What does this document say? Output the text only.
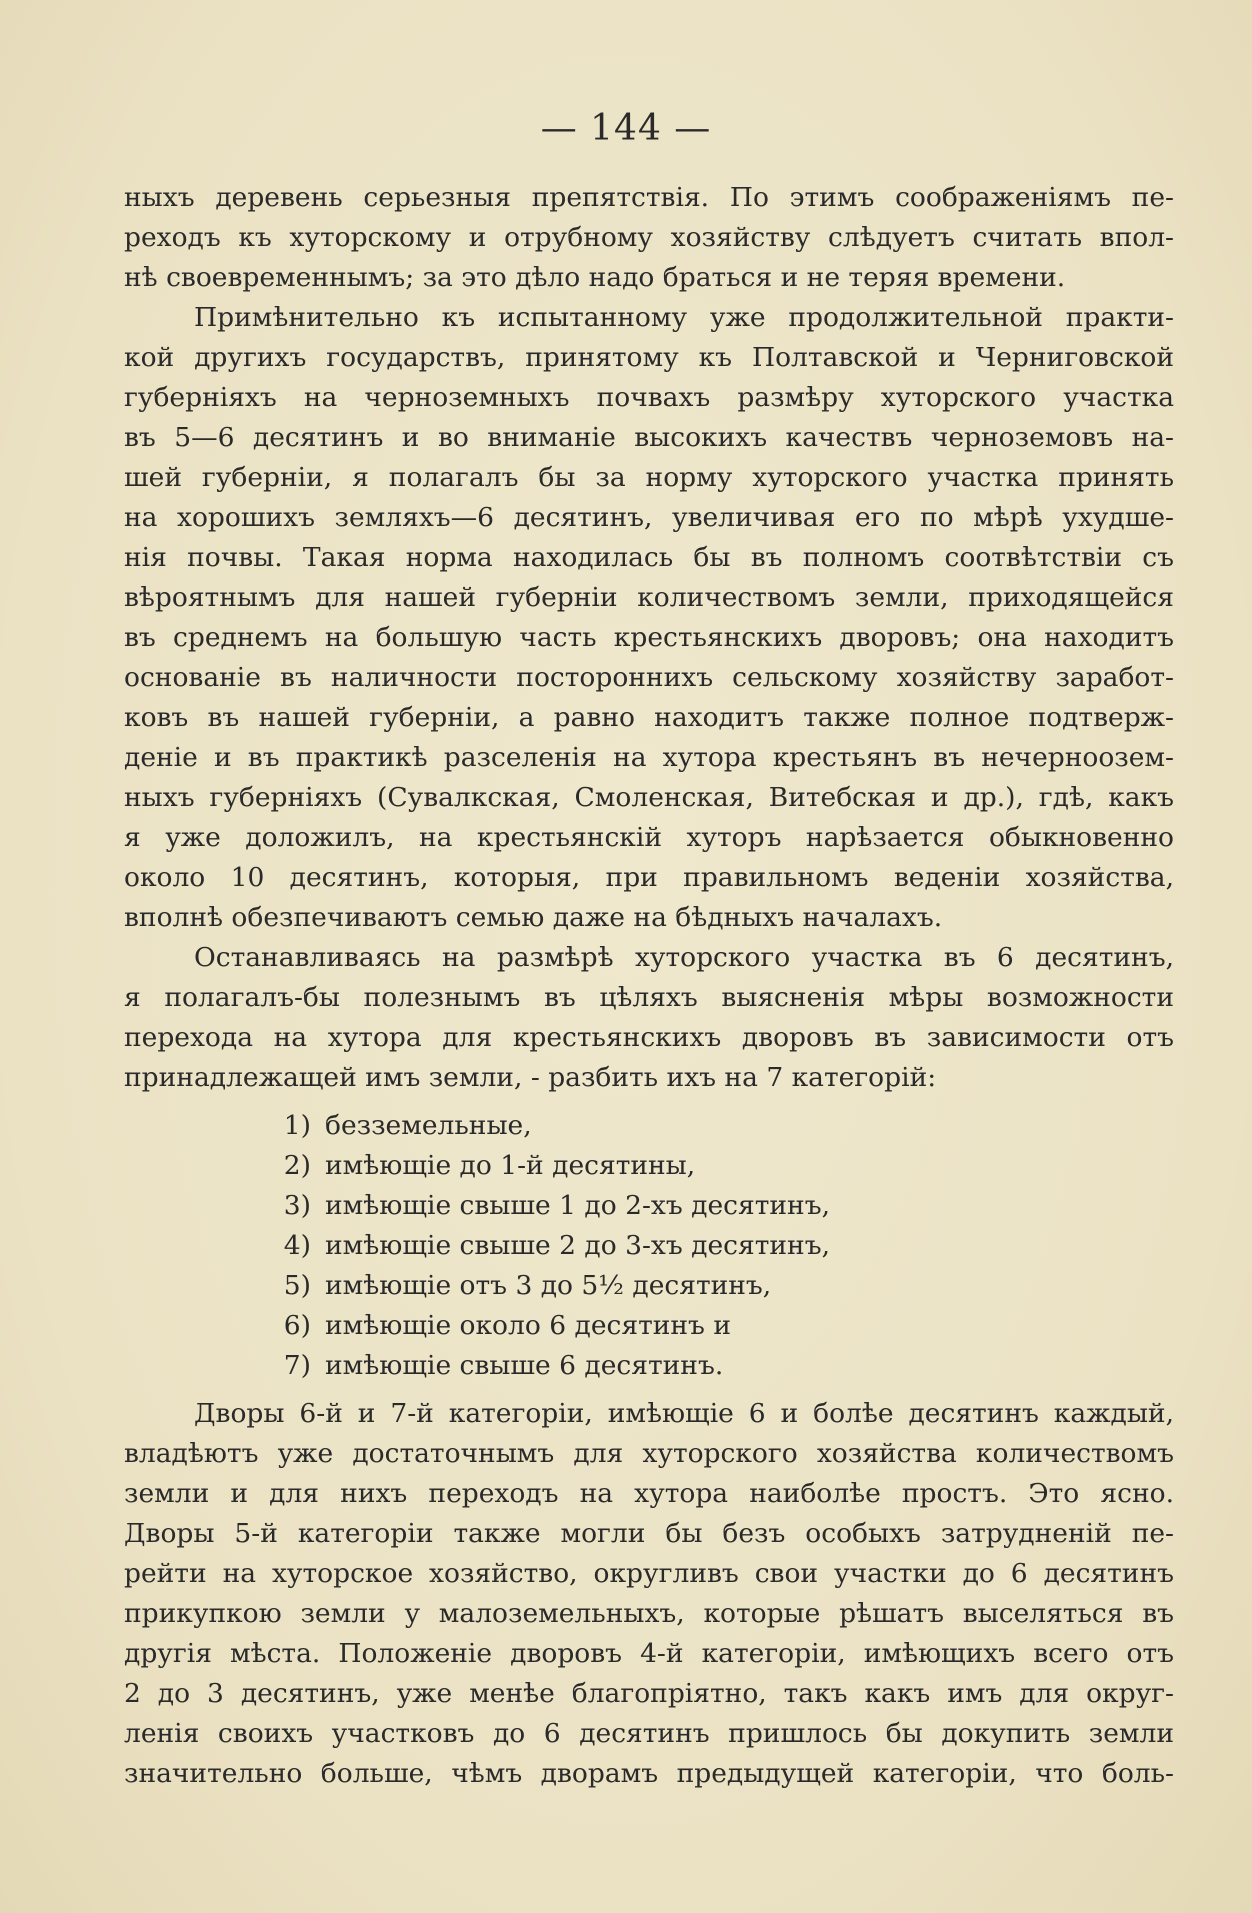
— 144 —
ныхъ деревень серьезныя препятствія. По этимъ соображеніямъ пе-
реходъ къ хуторскому и отрубному хозяйству слѣдуетъ считать впол-
нѣ своевременнымъ; за это дѣло надо браться и не теряя времени.
Примѣнительно къ испытанному уже продолжительной практи-
кой другихъ государствъ, принятому къ Полтавской и Черниговской
губерніяхъ на черноземныхъ почвахъ размѣру хуторского участка
въ 5—6 десятинъ и во вниманіе высокихъ качествъ черноземовъ на-
шей губерніи, я полагалъ бы за норму хуторского участка принять
на хорошихъ земляхъ—6 десятинъ, увеличивая его по мѣрѣ ухудше-
нія почвы. Такая норма находилась бы въ полномъ соотвѣтствіи съ
вѣроятнымъ для нашей губерніи количествомъ земли, приходящейся
въ среднемъ на большую часть крестьянскихъ дворовъ; она находитъ
основаніе въ наличности постороннихъ сельскому хозяйству заработ-
ковъ въ нашей губерніи, а равно находитъ также полное подтверж-
деніе и въ практикѣ разселенія на хутора крестьянъ въ нечерноозем-
ныхъ губерніяхъ (Сувалкская, Смоленская, Витебская и др.), гдѣ, какъ
я уже доложилъ, на крестьянскій хуторъ нарѣзается обыкновенно
около 10 десятинъ, которыя, при правильномъ веденіи хозяйства,
вполнѣ обезпечиваютъ семью даже на бѣдныхъ началахъ.
Останавливаясь на размѣрѣ хуторского участка въ 6 десятинъ,
я полагалъ-бы полезнымъ въ цѣляхъ выясненія мѣры возможности
перехода на хутора для крестьянскихъ дворовъ въ зависимости отъ
принадлежащей имъ земли, - разбить ихъ на 7 категорій:
1) безземельные,
2) имѣющіе до 1-й десятины,
3) имѣющіе свыше 1 до 2-хъ десятинъ,
4) имѣющіе свыше 2 до 3-хъ десятинъ,
5) имѣющіе отъ 3 до 5½ десятинъ,
6) имѣющіе около 6 десятинъ и
7) имѣющіе свыше 6 десятинъ.
Дворы 6-й и 7-й категоріи, имѣющіе 6 и болѣе десятинъ каждый,
владѣютъ уже достаточнымъ для хуторского хозяйства количествомъ
земли и для нихъ переходъ на хутора наиболѣе простъ. Это ясно.
Дворы 5-й категоріи также могли бы безъ особыхъ затрудненій пе-
рейти на хуторское хозяйство, округливъ свои участки до 6 десятинъ
прикупкою земли у малоземельныхъ, которые рѣшатъ выселяться въ
другія мѣста. Положеніе дворовъ 4-й категоріи, имѣющихъ всего отъ
2 до 3 десятинъ, уже менѣе благопріятно, такъ какъ имъ для округ-
ленія своихъ участковъ до 6 десятинъ пришлось бы докупить земли
значительно больше, чѣмъ дворамъ предыдущей категоріи, что боль-
